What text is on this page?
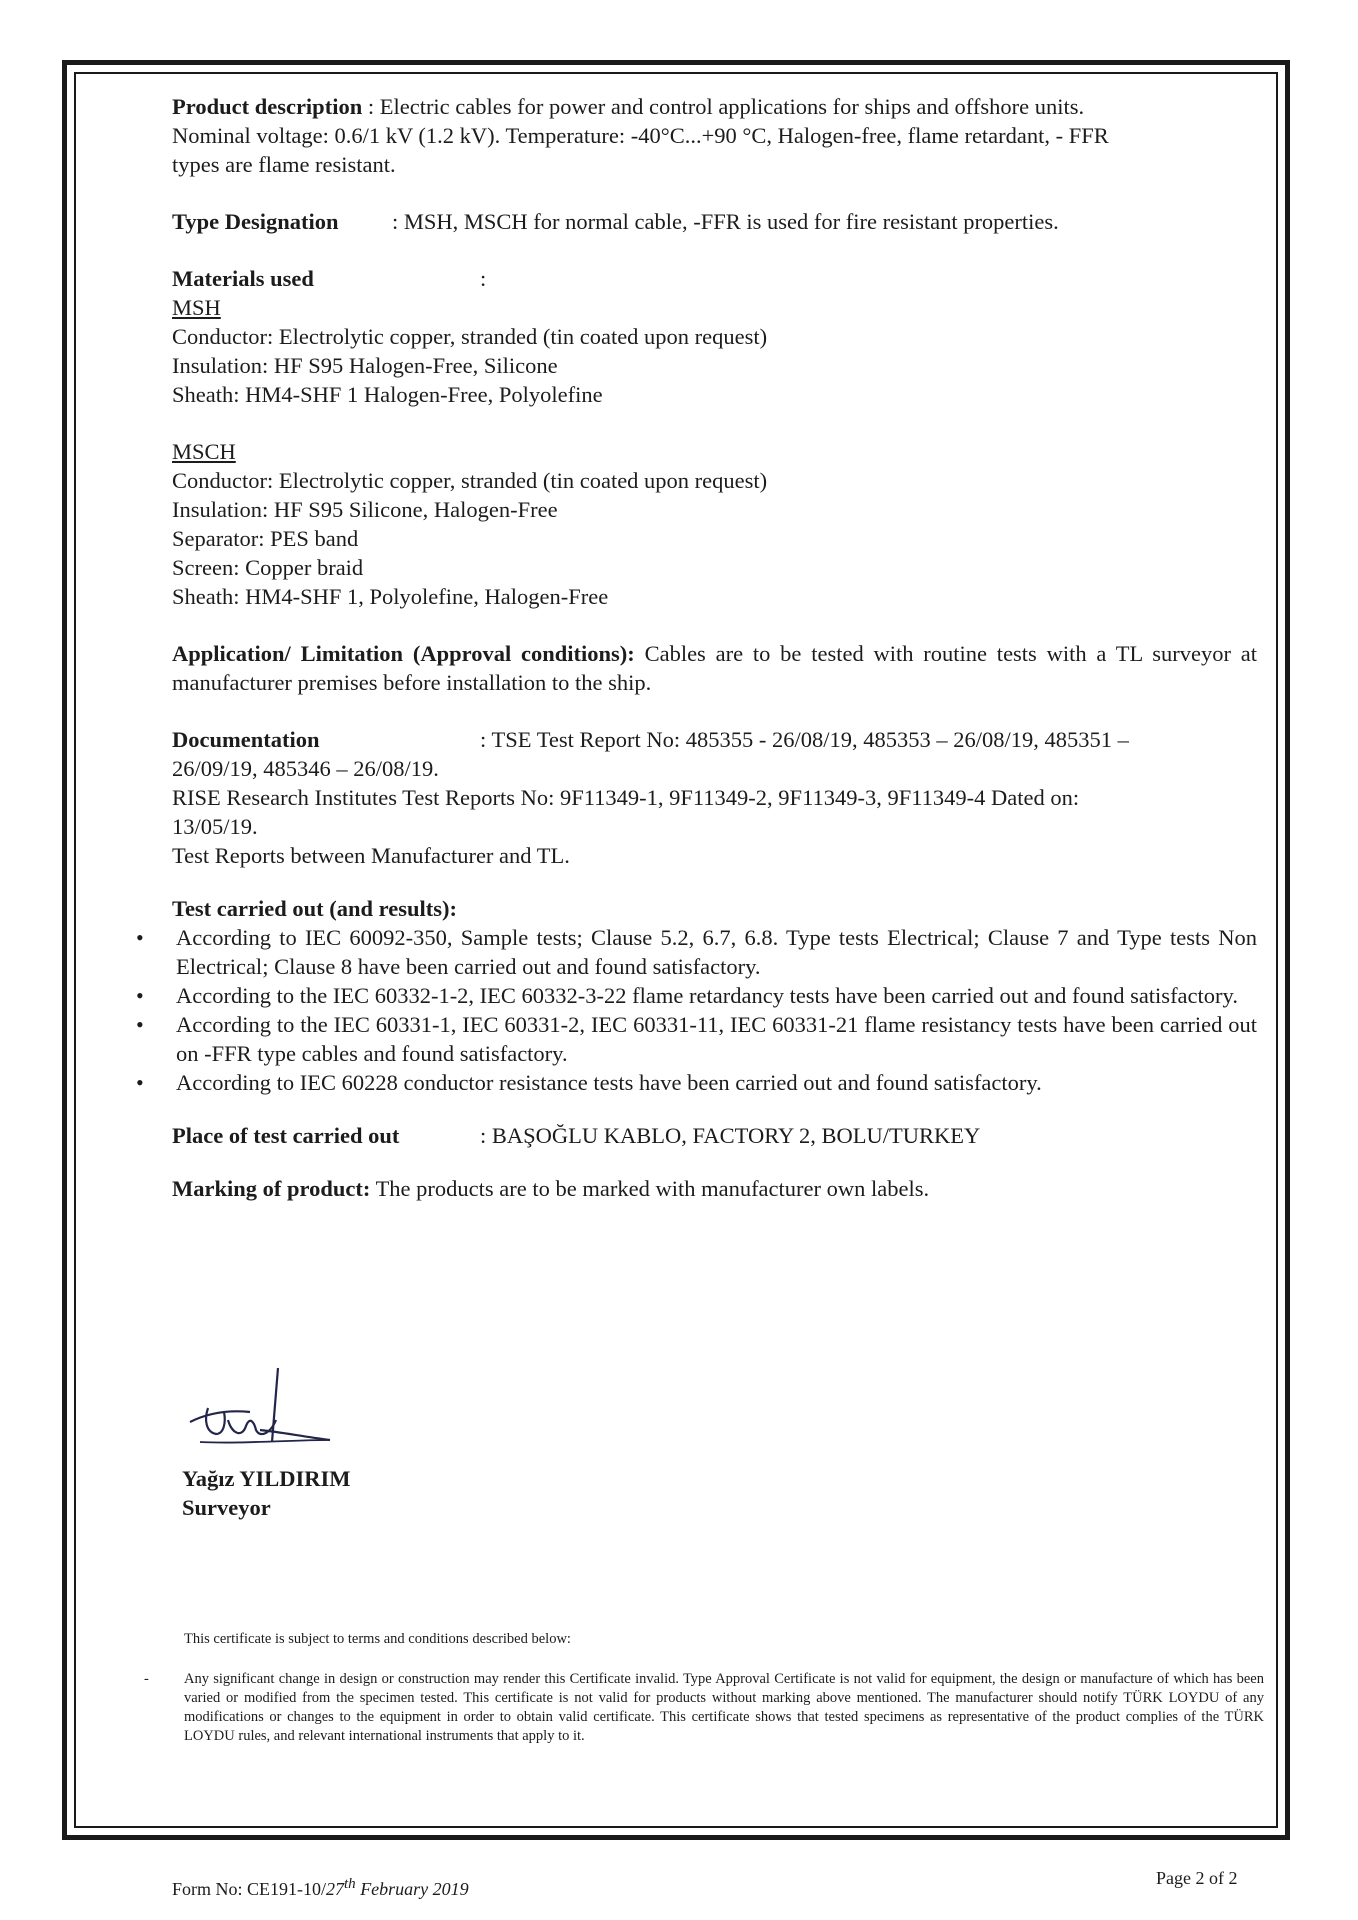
Product description : Electric cables for power and control applications for ships and offshore units.
Nominal voltage: 0.6/1 kV (1.2 kV). Temperature: -40°C...+90 °C, Halogen-free, flame retardant, - FFR
types are flame resistant.

Type Designation	: MSH, MSCH for normal cable, -FFR is used for fire resistant properties.
Materials used	:
MSH
Conductor: Electrolytic copper, stranded (tin coated upon request)
Insulation: HF S95 Halogen-Free, Silicone
Sheath: HM4-SHF 1 Halogen-Free, Polyolefine
MSCH
Conductor: Electrolytic copper, stranded (tin coated upon request)
Insulation: HF S95 Silicone, Halogen-Free
Separator: PES band
Screen: Copper braid
Sheath: HM4-SHF 1, Polyolefine, Halogen-Free

Application/ Limitation (Approval conditions): Cables are to be tested with routine tests with a TL surveyor at manufacturer premises before installation to the ship.

Documentation	: TSE Test Report No: 485355 - 26/08/19, 485353 – 26/08/19, 485351 –
26/09/19, 485346 – 26/08/19.
RISE Research Institutes Test Reports No: 9F11349-1, 9F11349-2, 9F11349-3, 9F11349-4 Dated on:
13/05/19.
Test Reports between Manufacturer and TL.
Test carried out (and results):
• According to IEC 60092-350, Sample tests; Clause 5.2, 6.7, 6.8. Type tests Electrical; Clause 7 and Type tests Non Electrical; Clause 8 have been carried out and found satisfactory.
• According to the IEC 60332-1-2, IEC 60332-3-22 flame retardancy tests have been carried out and found satisfactory.
• According to the IEC 60331-1, IEC 60331-2, IEC 60331-11, IEC 60331-21 flame resistancy tests have been carried out on -FFR type cables and found satisfactory.
• According to IEC 60228 conductor resistance tests have been carried out and found satisfactory.
Place of test carried out	: BAŞOĞLU KABLO, FACTORY 2, BOLU/TURKEY

Marking of product: The products are to be marked with manufacturer own labels.

Yağız YILDIRIM
Surveyor
This certificate is subject to terms and conditions described below:
- Any significant change in design or construction may render this Certificate invalid. Type Approval Certificate is not valid for equipment, the design or manufacture of which has been varied or modified from the specimen tested. This certificate is not valid for products without marking above mentioned. The manufacturer should notify TÜRK LOYDU of any modifications or changes to the equipment in order to obtain valid certificate. This certificate shows that tested specimens as representative of the product complies of the TÜRK LOYDU rules, and relevant international instruments that apply to it.
Form No: CE191-10/27th February 2019
Page 2 of 2
